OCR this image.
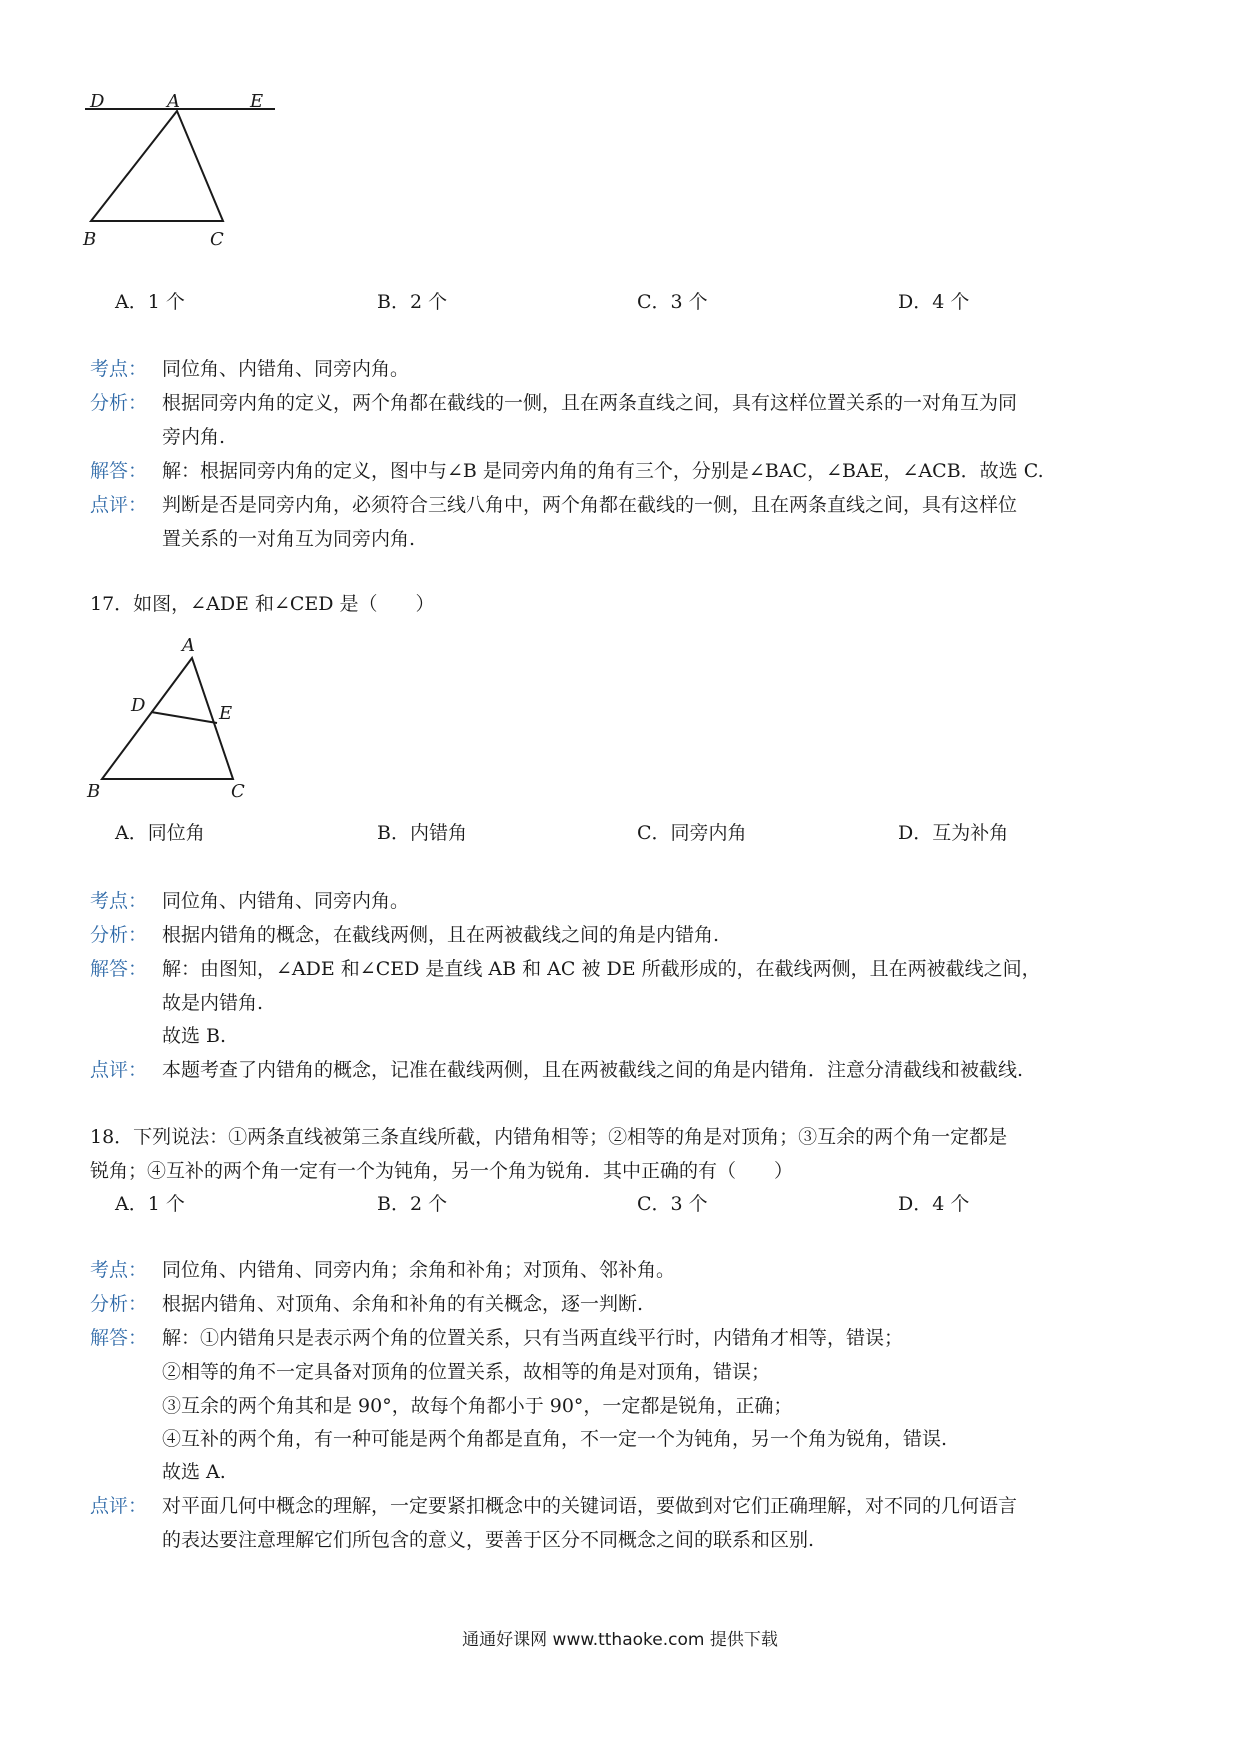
D	A	E
B	C
A．1 个	B．2 个	C．3 个	D．4 个
考点： 同位角、内错角、同旁内角。
分析： 根据同旁内角的定义，两个角都在截线的一侧，且在两条直线之间，具有这样位置关系的一对角互为同
旁内角.
解答： 解：根据同旁内角的定义，图中与∠B 是同旁内角的角有三个，分别是∠BAC，∠BAE，∠ACB．故选 C.
点评： 判断是否是同旁内角，必须符合三线八角中，两个角都在截线的一侧，且在两条直线之间，具有这样位
置关系的一对角互为同旁内角.
17．如图，∠ADE 和∠CED 是（　　）
A
D	E
B	C
A．同位角	B．内错角	C．同旁内角	D．互为补角
考点： 同位角、内错角、同旁内角。
分析： 根据内错角的概念，在截线两侧，且在两被截线之间的角是内错角.
解答： 解：由图知，∠ADE 和∠CED 是直线 AB 和 AC 被 DE 所截形成的，在截线两侧，且在两被截线之间，
故是内错角.
故选 B.
点评： 本题考查了内错角的概念，记准在截线两侧，且在两被截线之间的角是内错角．注意分清截线和被截线.
18．下列说法：①两条直线被第三条直线所截，内错角相等；②相等的角是对顶角；③互余的两个角一定都是
锐角；④互补的两个角一定有一个为钝角，另一个角为锐角．其中正确的有（　　）
A．1 个	B．2 个	C．3 个	D．4 个
考点： 同位角、内错角、同旁内角；余角和补角；对顶角、邻补角。
分析： 根据内错角、对顶角、余角和补角的有关概念，逐一判断.
解答： 解：①内错角只是表示两个角的位置关系，只有当两直线平行时，内错角才相等，错误；
②相等的角不一定具备对顶角的位置关系，故相等的角是对顶角，错误；
③互余的两个角其和是 90°，故每个角都小于 90°，一定都是锐角，正确；
④互补的两个角，有一种可能是两个角都是直角，不一定一个为钝角，另一个角为锐角，错误.
故选 A.
点评： 对平面几何中概念的理解，一定要紧扣概念中的关键词语，要做到对它们正确理解，对不同的几何语言
的表达要注意理解它们所包含的意义，要善于区分不同概念之间的联系和区别.
通通好课网 www.tthaoke.com 提供下载
